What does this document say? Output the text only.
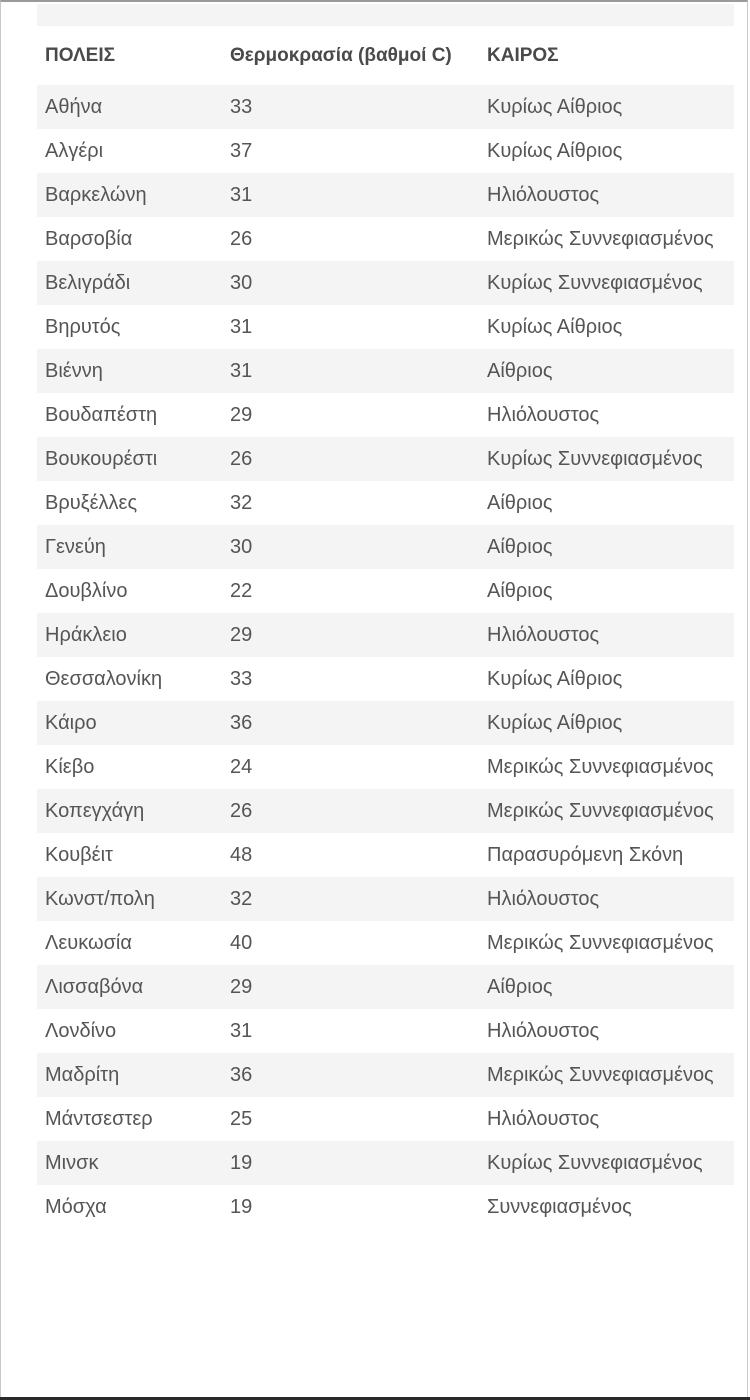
ΠΟΛΕΙΣ	Θερμοκρασία (βαθμοί C)	ΚΑΙΡΟΣ
Αθήνα	33	Κυρίως Αίθριος
Αλγέρι	37	Κυρίως Αίθριος
Βαρκελώνη	31	Ηλιόλουστος
Βαρσοβία	26	Μερικώς Συννεφιασμένος
Βελιγράδι	30	Κυρίως Συννεφιασμένος
Βηρυτός	31	Κυρίως Αίθριος
Βιέννη	31	Αίθριος
Βουδαπέστη	29	Ηλιόλουστος
Βουκουρέστι	26	Κυρίως Συννεφιασμένος
Βρυξέλλες	32	Αίθριος
Γενεύη	30	Αίθριος
Δουβλίνο	22	Αίθριος
Ηράκλειο	29	Ηλιόλουστος
Θεσσαλονίκη	33	Κυρίως Αίθριος
Κάιρο	36	Κυρίως Αίθριος
Κίεβο	24	Μερικώς Συννεφιασμένος
Κοπεγχάγη	26	Μερικώς Συννεφιασμένος
Κουβέιτ	48	Παρασυρόμενη Σκόνη
Κωνστ/πολη	32	Ηλιόλουστος
Λευκωσία	40	Μερικώς Συννεφιασμένος
Λισσαβόνα	29	Αίθριος
Λονδίνο	31	Ηλιόλουστος
Μαδρίτη	36	Μερικώς Συννεφιασμένος
Μάντσεστερ	25	Ηλιόλουστος
Μινσκ	19	Κυρίως Συννεφιασμένος
Μόσχα	19	Συννεφιασμένος
